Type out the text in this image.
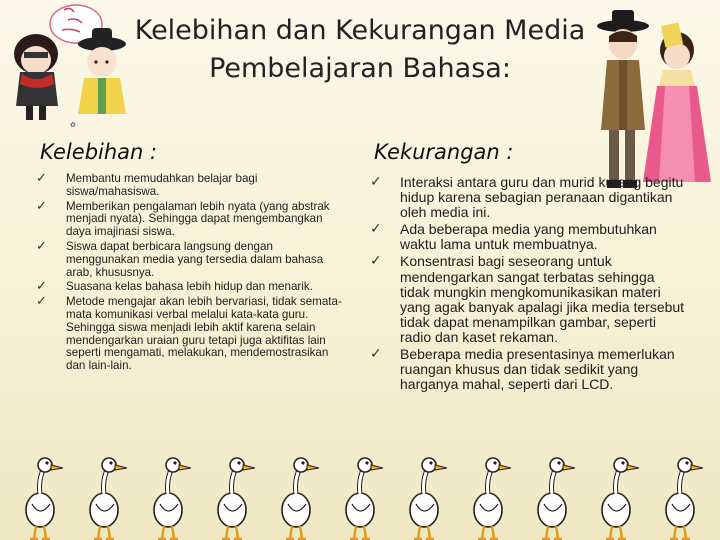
✿
Kelebihan dan Kekurangan Media
Pembelajaran Bahasa:
Kelebihan :	Kekurangan :
✓ Membantu memudahkan belajar bagi siswa/mahasiswa.
✓ Memberikan pengalaman lebih nyata (yang abstrak menjadi nyata). Sehingga dapat mengembangkan daya imajinasi siswa.
✓ Siswa dapat berbicara langsung dengan menggunakan media yang tersedia dalam bahasa arab, khususnya.
✓ Suasana kelas bahasa lebih hidup dan menarik.
✓ Metode mengajar akan lebih bervariasi, tidak semata-mata komunikasi verbal melalui kata-kata guru. Sehingga siswa menjadi lebih aktif karena selain mendengarkan uraian guru tetapi juga aktifitas lain seperti mengamati, melakukan, mendemostrasikan dan lain-lain.
✓ Interaksi antara guru dan murid kurang begitu hidup karena sebagian peranaan digantikan oleh media ini.
✓ Ada beberapa media yang membutuhkan waktu lama untuk membuatnya.
✓ Konsentrasi bagi seseorang untuk mendengarkan sangat terbatas sehingga tidak mungkin mengkomunikasikan materi yang agak banyak apalagi jika media tersebut tidak dapat menampilkan gambar, seperti radio dan kaset rekaman.
✓ Beberapa media presentasinya memerlukan ruangan khusus dan tidak sedikit yang harganya mahal, seperti dari LCD.
